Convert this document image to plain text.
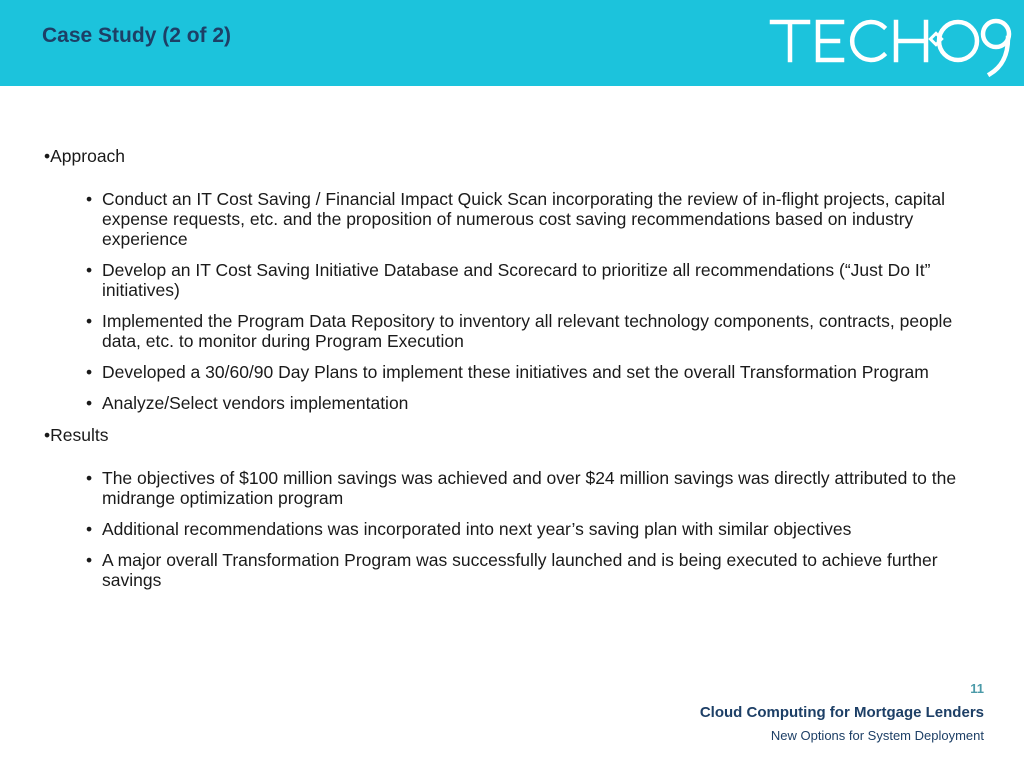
Case Study (2 of 2)
•Approach
• Conduct an IT Cost Saving / Financial Impact Quick Scan incorporating the review of in-flight projects, capital expense requests, etc. and the proposition of numerous cost saving recommendations based on industry experience
• Develop an IT Cost Saving Initiative Database and Scorecard to prioritize all recommendations (“Just Do It” initiatives)
• Implemented the Program Data Repository to inventory all relevant technology components, contracts, people data, etc. to monitor during Program Execution
• Developed a 30/60/90 Day Plans to implement these initiatives and set the overall Transformation Program
• Analyze/Select vendors implementation
•Results
• The objectives of $100 million savings was achieved and over $24 million savings was directly attributed to the midrange optimization program
• Additional recommendations was incorporated into next year’s saving plan with similar objectives
• A major overall Transformation Program was successfully launched and is being executed to achieve further savings
11
Cloud Computing for Mortgage Lenders
New Options for System Deployment
